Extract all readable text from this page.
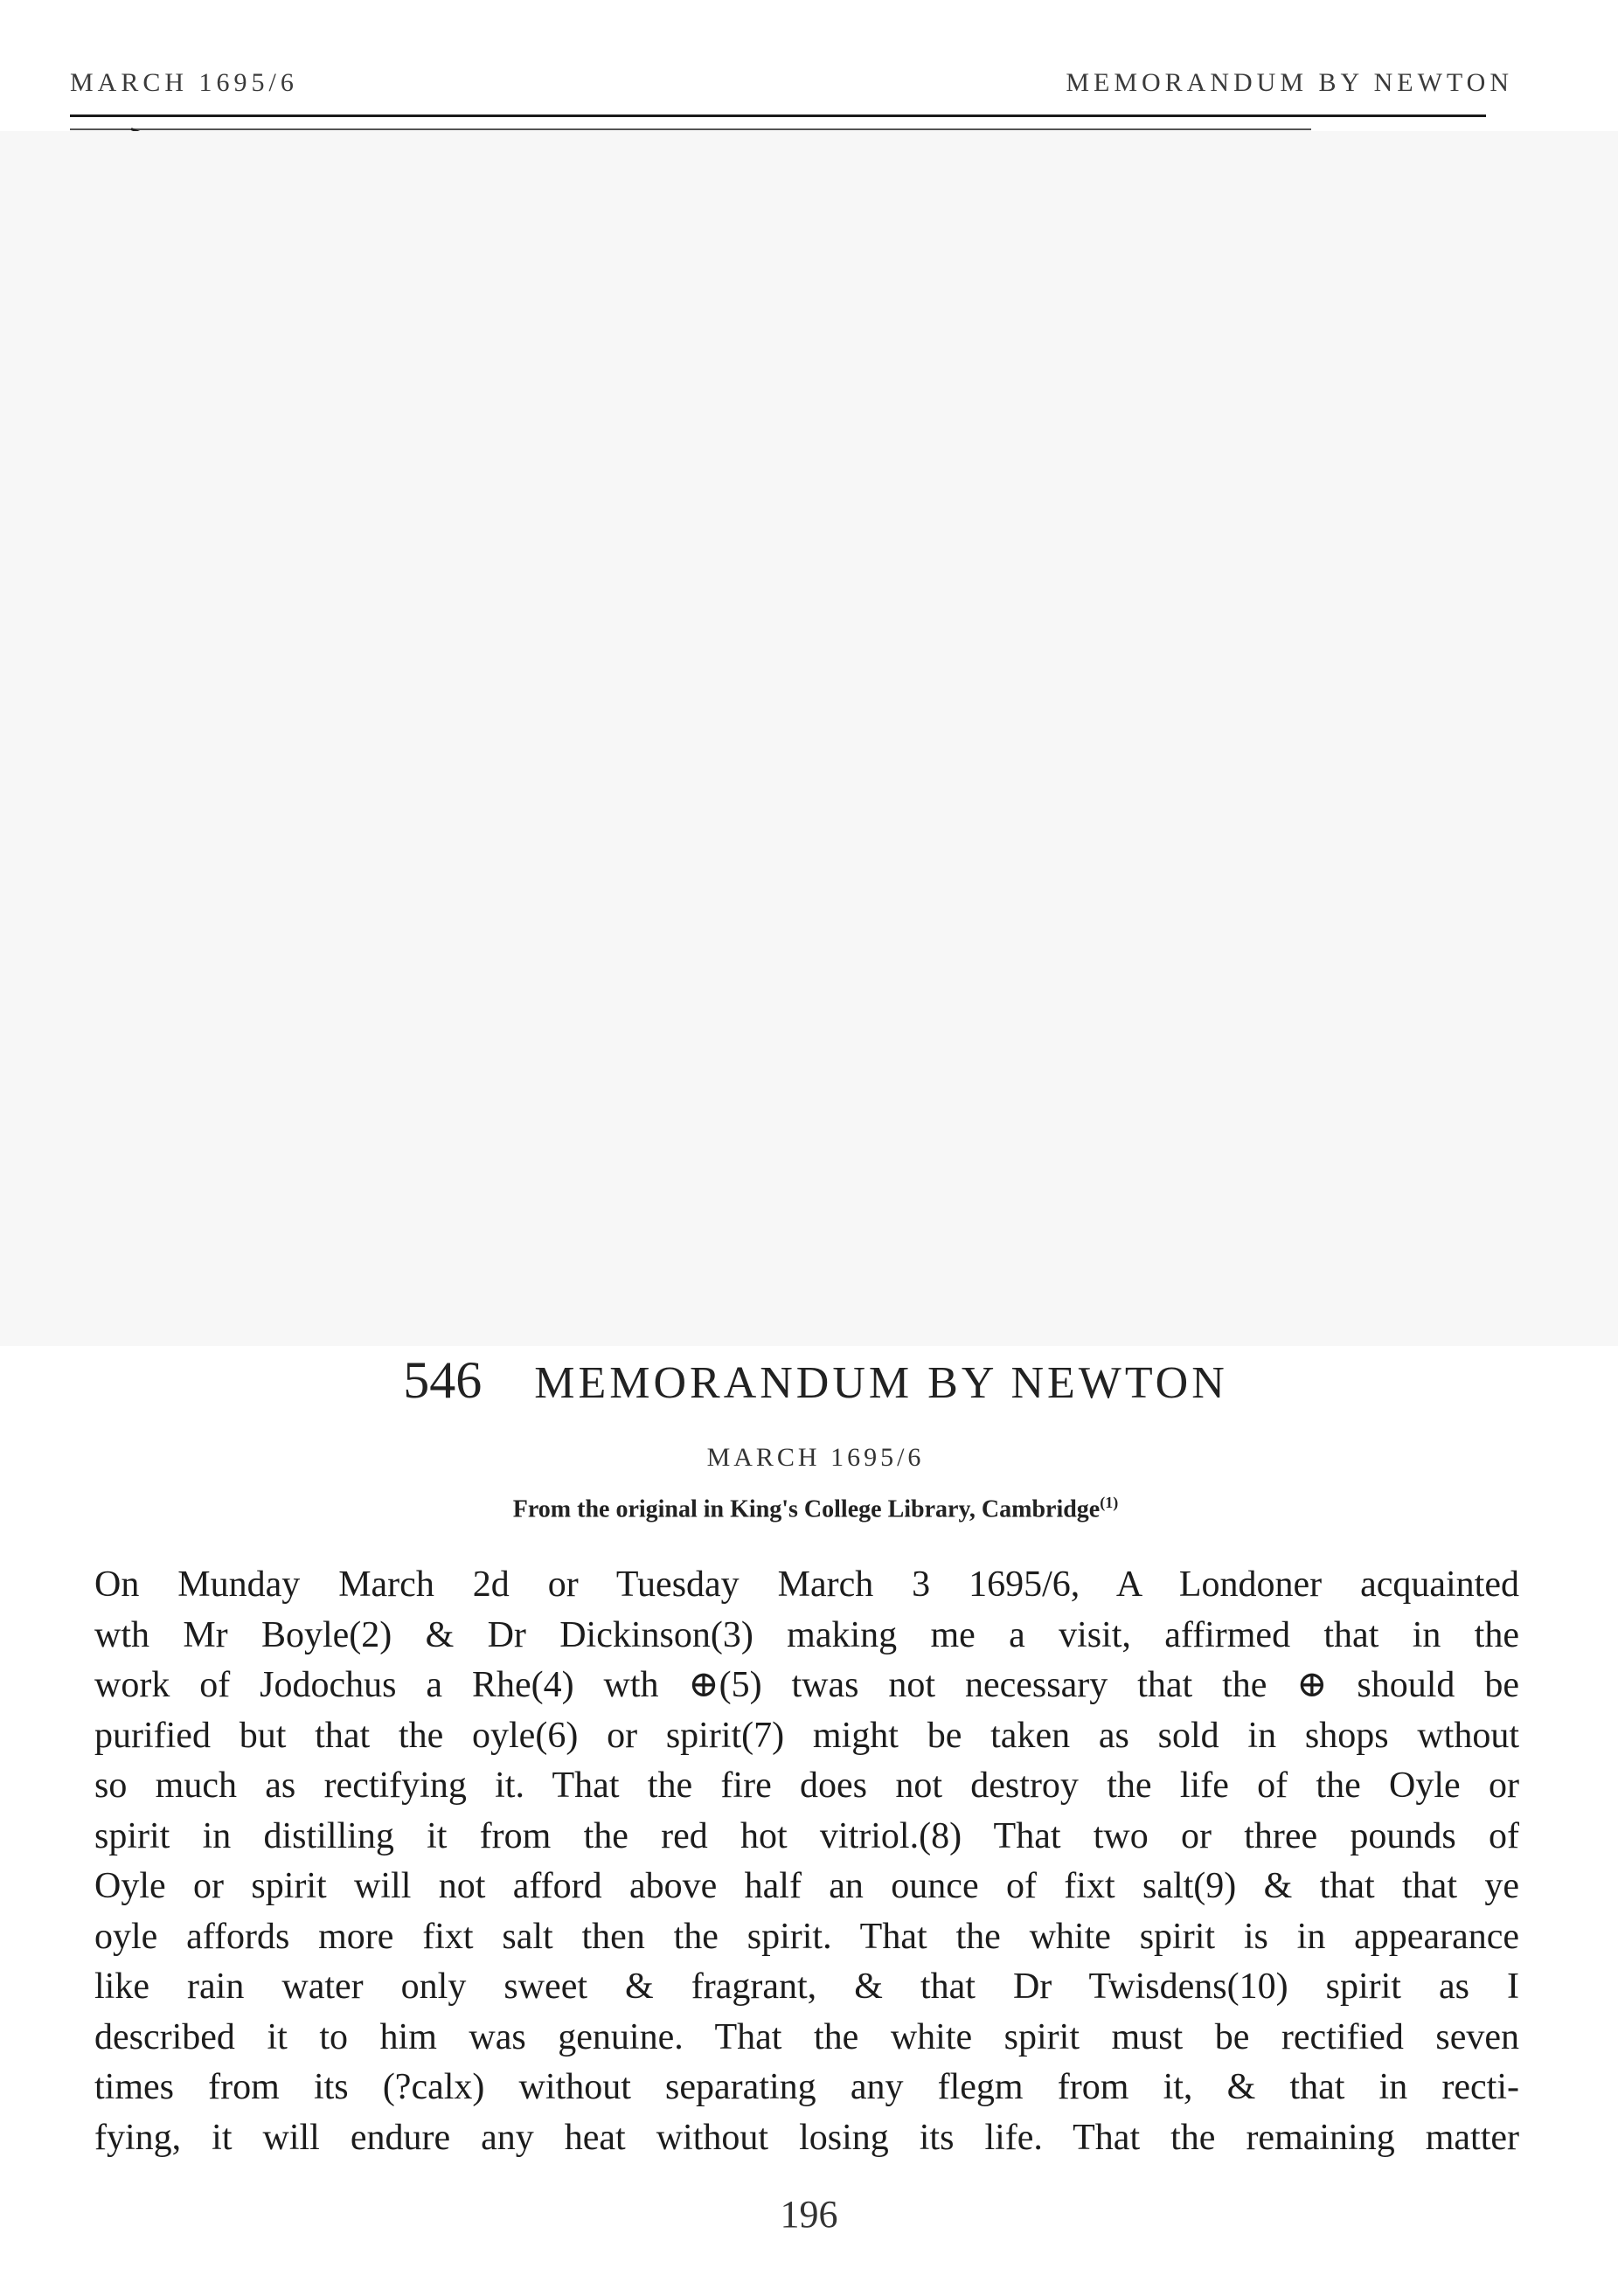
MARCH 1695/6	MEMORANDUM BY NEWTON
546 MEMORANDUM BY NEWTON
MARCH 1695/6
From the original in King's College Library, Cambridge$^{(1)}$
On Munday March 2d or Tuesday March 3 1695/6, A Londoner acquainted
wth Mr Boyle(2) & Dr Dickinson(3) making me a visit, affirmed that in the
work of Jodochus a Rhe(4) wth ⊕(5) twas not necessary that the ⊕ should be
purified but that the oyle(6) or spirit(7) might be taken as sold in shops wthout
so much as rectifying it. That the fire does not destroy the life of the Oyle or
spirit in distilling it from the red hot vitriol.(8) That two or three pounds of
Oyle or spirit will not afford above half an ounce of fixt salt(9) & that that ye
oyle affords more fixt salt then the spirit. That the white spirit is in appearance
like rain water only sweet & fragrant, & that Dr Twisdens(10) spirit as I
described it to him was genuine. That the white spirit must be rectified seven
times from its (?calx) without separating any flegm from it, & that in recti-
fying, it will endure any heat without losing its life. That the remaining matter
196
